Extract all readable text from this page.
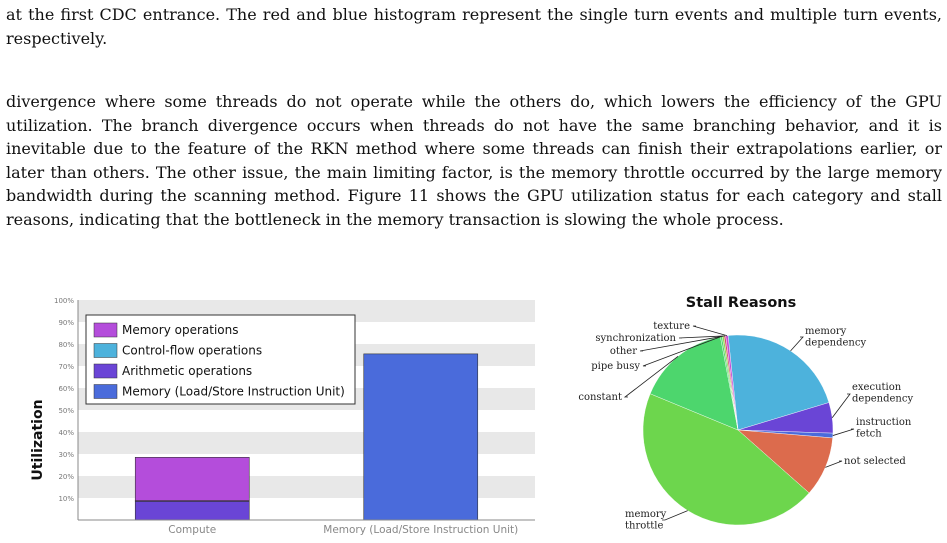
at the first CDC entrance. The red and blue histogram represent the single turn events and multiple turn events, respectively.

divergence where some threads do not operate while the others do, which lowers the efficiency of the GPU utilization. The branch divergence occurs when threads do not have the same branching behavior, and it is inevitable due to the feature of the RKN method where some threads can finish their extrapolations earlier, or later than others. The other issue, the main limiting factor, is the memory throttle occurred by the large memory bandwidth during the scanning method. Figure 11 shows the GPU utilization status for each category and stall reasons, indicating that the bottleneck in the memory transaction is slowing the whole process.

10%
20%
30%
40%
50%
60%
70%
80%
90%
100%
Utilization
Compute	Memory (Load/Store Instruction Unit)
Memory operations
Control-flow operations
Arithmetic operations
Memory (Load/Store Instruction Unit)
Stall Reasons
memory dependency
execution dependency
instruction fetch
not selected
memory throttle
constant
pipe busy
other
synchronization
texture
